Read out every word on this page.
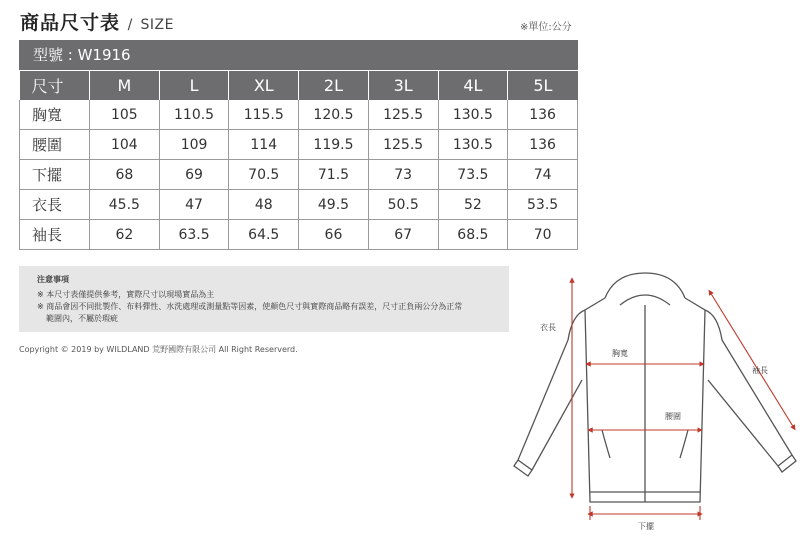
商品尺寸表 / SIZE	※單位:公分
型號 : W1916
尺寸	M	L	XL	2L	3L	4L	5L
胸寬	105	110.5	115.5	120.5	125.5	130.5	136
腰圍	104	109	114	119.5	125.5	130.5	136
下擺	68	69	70.5	71.5	73	73.5	74
衣長	45.5	47	48	49.5	50.5	52	53.5
袖長	62	63.5	64.5	66	67	68.5	70
注意事項
※ 本尺寸表僅提供參考，實際尺寸以現場實品為主
※ 商品會因不同批製作、布料彈性、水洗處理或測量點等因素，使顏色尺寸與實際商品略有誤差，尺寸正負兩公分為正常
範圍內，不屬於瑕疵
Copyright © 2019 by WILDLAND 荒野國際有限公司 All Right Reserverd.
衣長
胸寬
袖長
腰圍
下擺
